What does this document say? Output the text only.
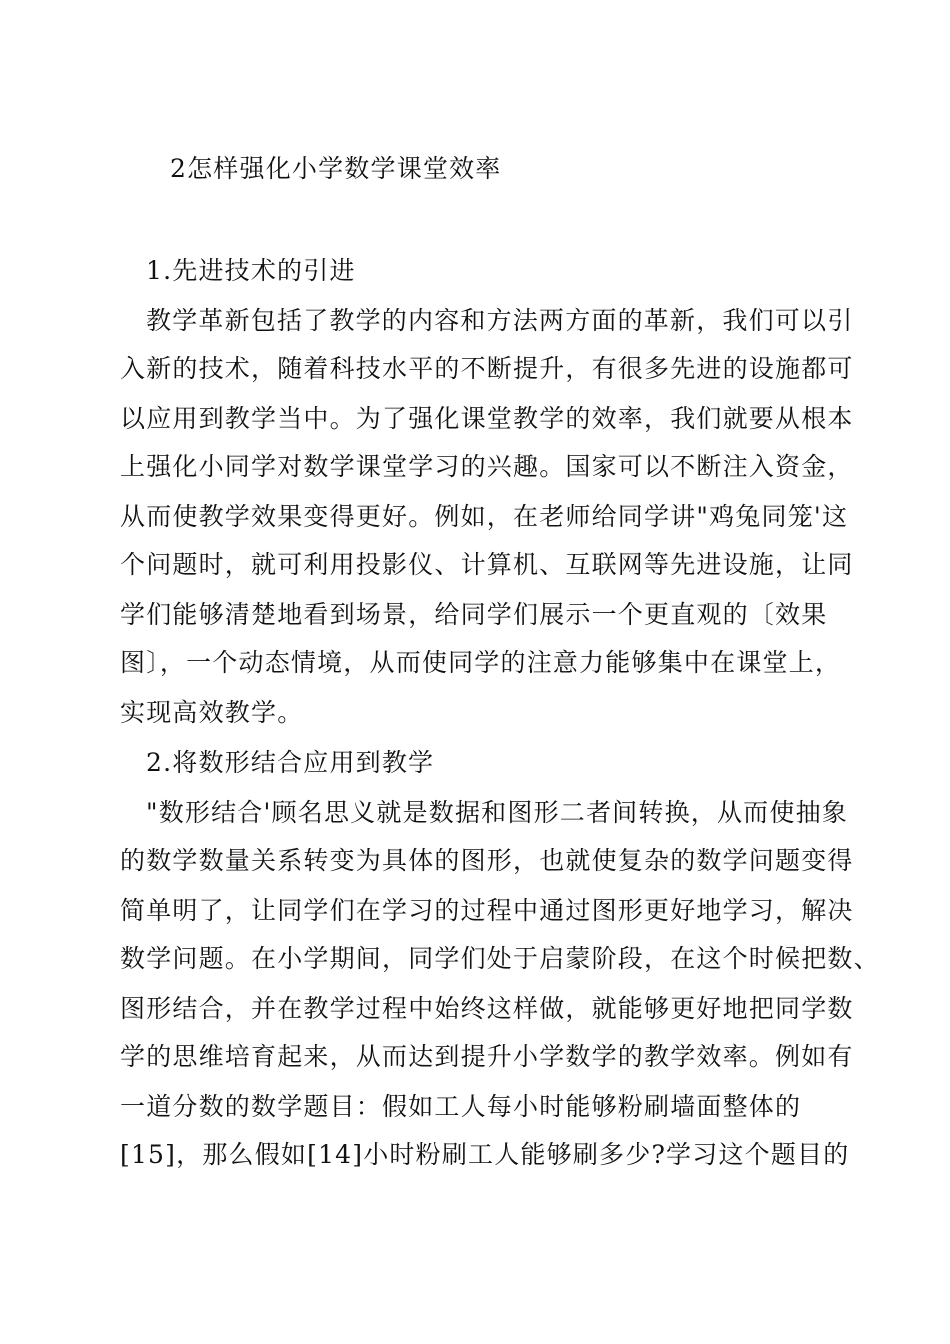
2怎样强化小学数学课堂效率
1.先进技术的引进
教学革新包括了教学的内容和方法两方面的革新，我们可以引
入新的技术，随着科技水平的不断提升，有很多先进的设施都可
以应用到教学当中。为了强化课堂教学的效率，我们就要从根本
上强化小同学对数学课堂学习的兴趣。国家可以不断注入资金，
从而使教学效果变得更好。例如，在老师给同学讲"鸡兔同笼'这
个问题时，就可利用投影仪、计算机、互联网等先进设施，让同
学们能够清楚地看到场景，给同学们展示一个更直观的〔效果
图〕，一个动态情境，从而使同学的注意力能够集中在课堂上，
实现高效教学。
2.将数形结合应用到教学
"数形结合'顾名思义就是数据和图形二者间转换，从而使抽象
的数学数量关系转变为具体的图形，也就使复杂的数学问题变得
简单明了，让同学们在学习的过程中通过图形更好地学习，解决
数学问题。在小学期间，同学们处于启蒙阶段，在这个时候把数、
图形结合，并在教学过程中始终这样做，就能够更好地把同学数
学的思维培育起来，从而达到提升小学数学的教学效率。例如有
一道分数的数学题目：假如工人每小时能够粉刷墙面整体的
[15]，那么假如[14]小时粉刷工人能够刷多少?学习这个题目的
